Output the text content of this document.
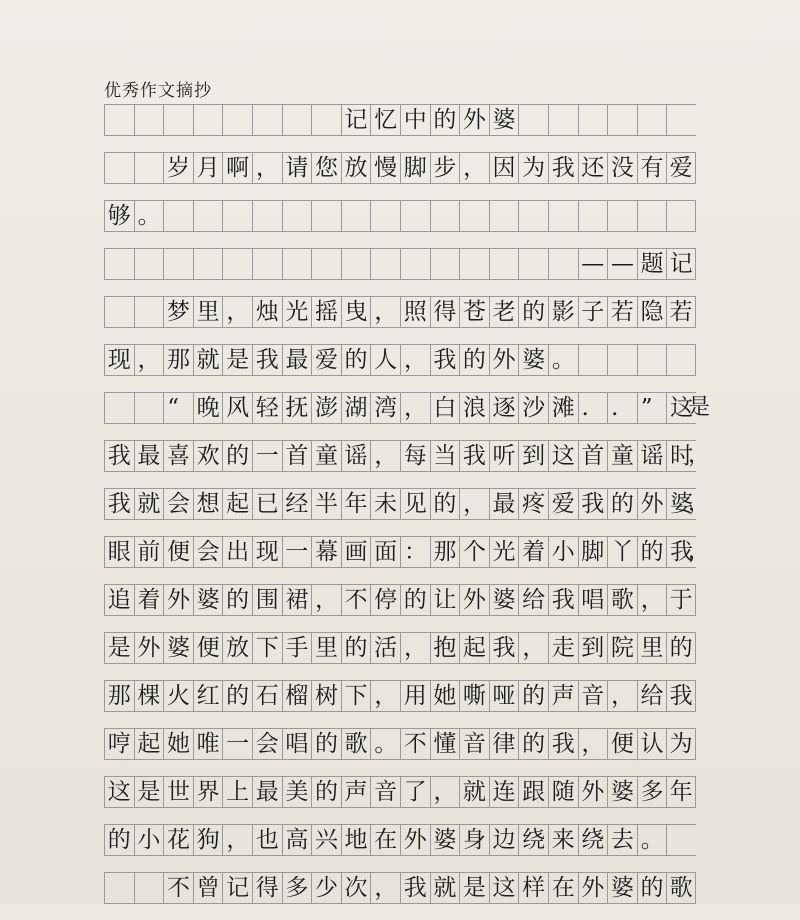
优秀作文摘抄
记 忆 中 的 外 婆
岁 月 啊 ， 请 您 放 慢 脚 步 ， 因 为 我 还 没 有 爱
够 。
— — 题 记
梦 里 ， 烛 光 摇 曳 ， 照 得 苍 老 的 影 子 若 隐 若
现 ， 那 就 是 我 最 爱 的 人 ， 我 的 外 婆 。
“ 晚 风 轻 抚 澎 湖 湾 ， 白 浪 逐 沙 滩 . . ” 这
是
我 最 喜 欢 的 一 首 童 谣 ， 每 当 我 听 到 这 首 童 谣 时
，
我 就 会 想 起 已 经 半 年 未 见 的 ， 最 疼 爱 我 的 外 婆
，
眼 前 便 会 出 现 一 幕 画 面 ： 那 个 光 着 小 脚 丫 的 我
，
追 着 外 婆 的 围 裙 ， 不 停 的 让 外 婆 给 我 唱 歌 ， 于
是 外 婆 便 放 下 手 里 的 活 ， 抱 起 我 ， 走 到 院 里 的
那 棵 火 红 的 石 榴 树 下 ， 用 她 嘶 哑 的 声 音 ， 给 我
哼 起 她 唯 一 会 唱 的 歌 。 不 懂 音 律 的 我 ， 便 认 为
这 是 世 界 上 最 美 的 声 音 了 ， 就 连 跟 随 外 婆 多 年
的 小 花 狗 ， 也 高 兴 地 在 外 婆 身 边 绕 来 绕 去 。
不 曾 记 得 多 少 次 ， 我 就 是 这 样 在 外 婆 的 歌
